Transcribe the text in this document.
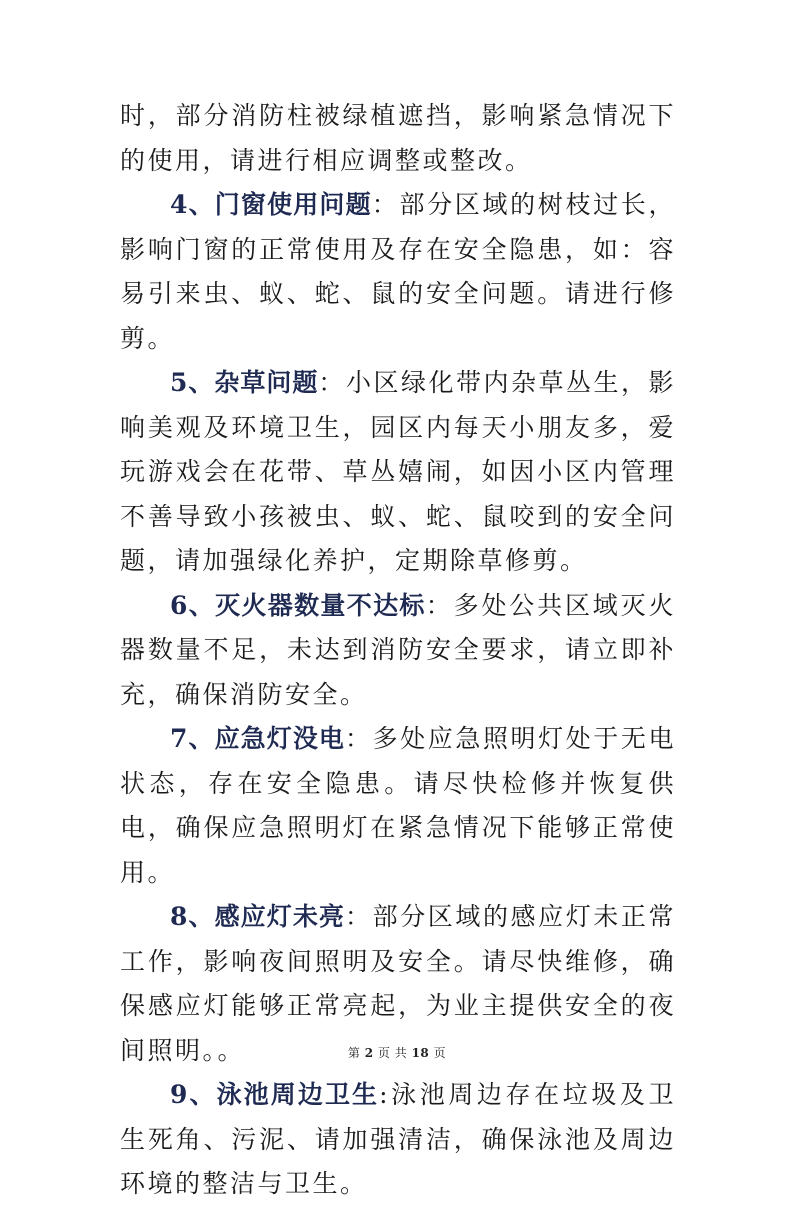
时，部分消防柱被绿植遮挡，影响紧急情况下的使用，请进行相应调整或整改。

4、门窗使用问题：部分区域的树枝过长，影响门窗的正常使用及存在安全隐患，如：容易引来虫、蚁、蛇、鼠的安全问题。请进行修剪。

5、杂草问题：小区绿化带内杂草丛生，影响美观及环境卫生，园区内每天小朋友多，爱玩游戏会在花带、草丛嬉闹，如因小区内管理不善导致小孩被虫、蚁、蛇、鼠咬到的安全问题，请加强绿化养护，定期除草修剪。

6、灭火器数量不达标：多处公共区域灭火器数量不足，未达到消防安全要求，请立即补充，确保消防安全。

7、应急灯没电：多处应急照明灯处于无电状态，存在安全隐患。请尽快检修并恢复供电，确保应急照明灯在紧急情况下能够正常使用。

8、感应灯未亮：部分区域的感应灯未正常工作，影响夜间照明及安全。请尽快维修，确保感应灯能够正常亮起，为业主提供安全的夜间照明。。

9、泳池周边卫生:泳池周边存在垃圾及卫生死角、污泥、请加强清洁，确保泳池及周边环境的整洁与卫生。

第 2 页 共 18 页
